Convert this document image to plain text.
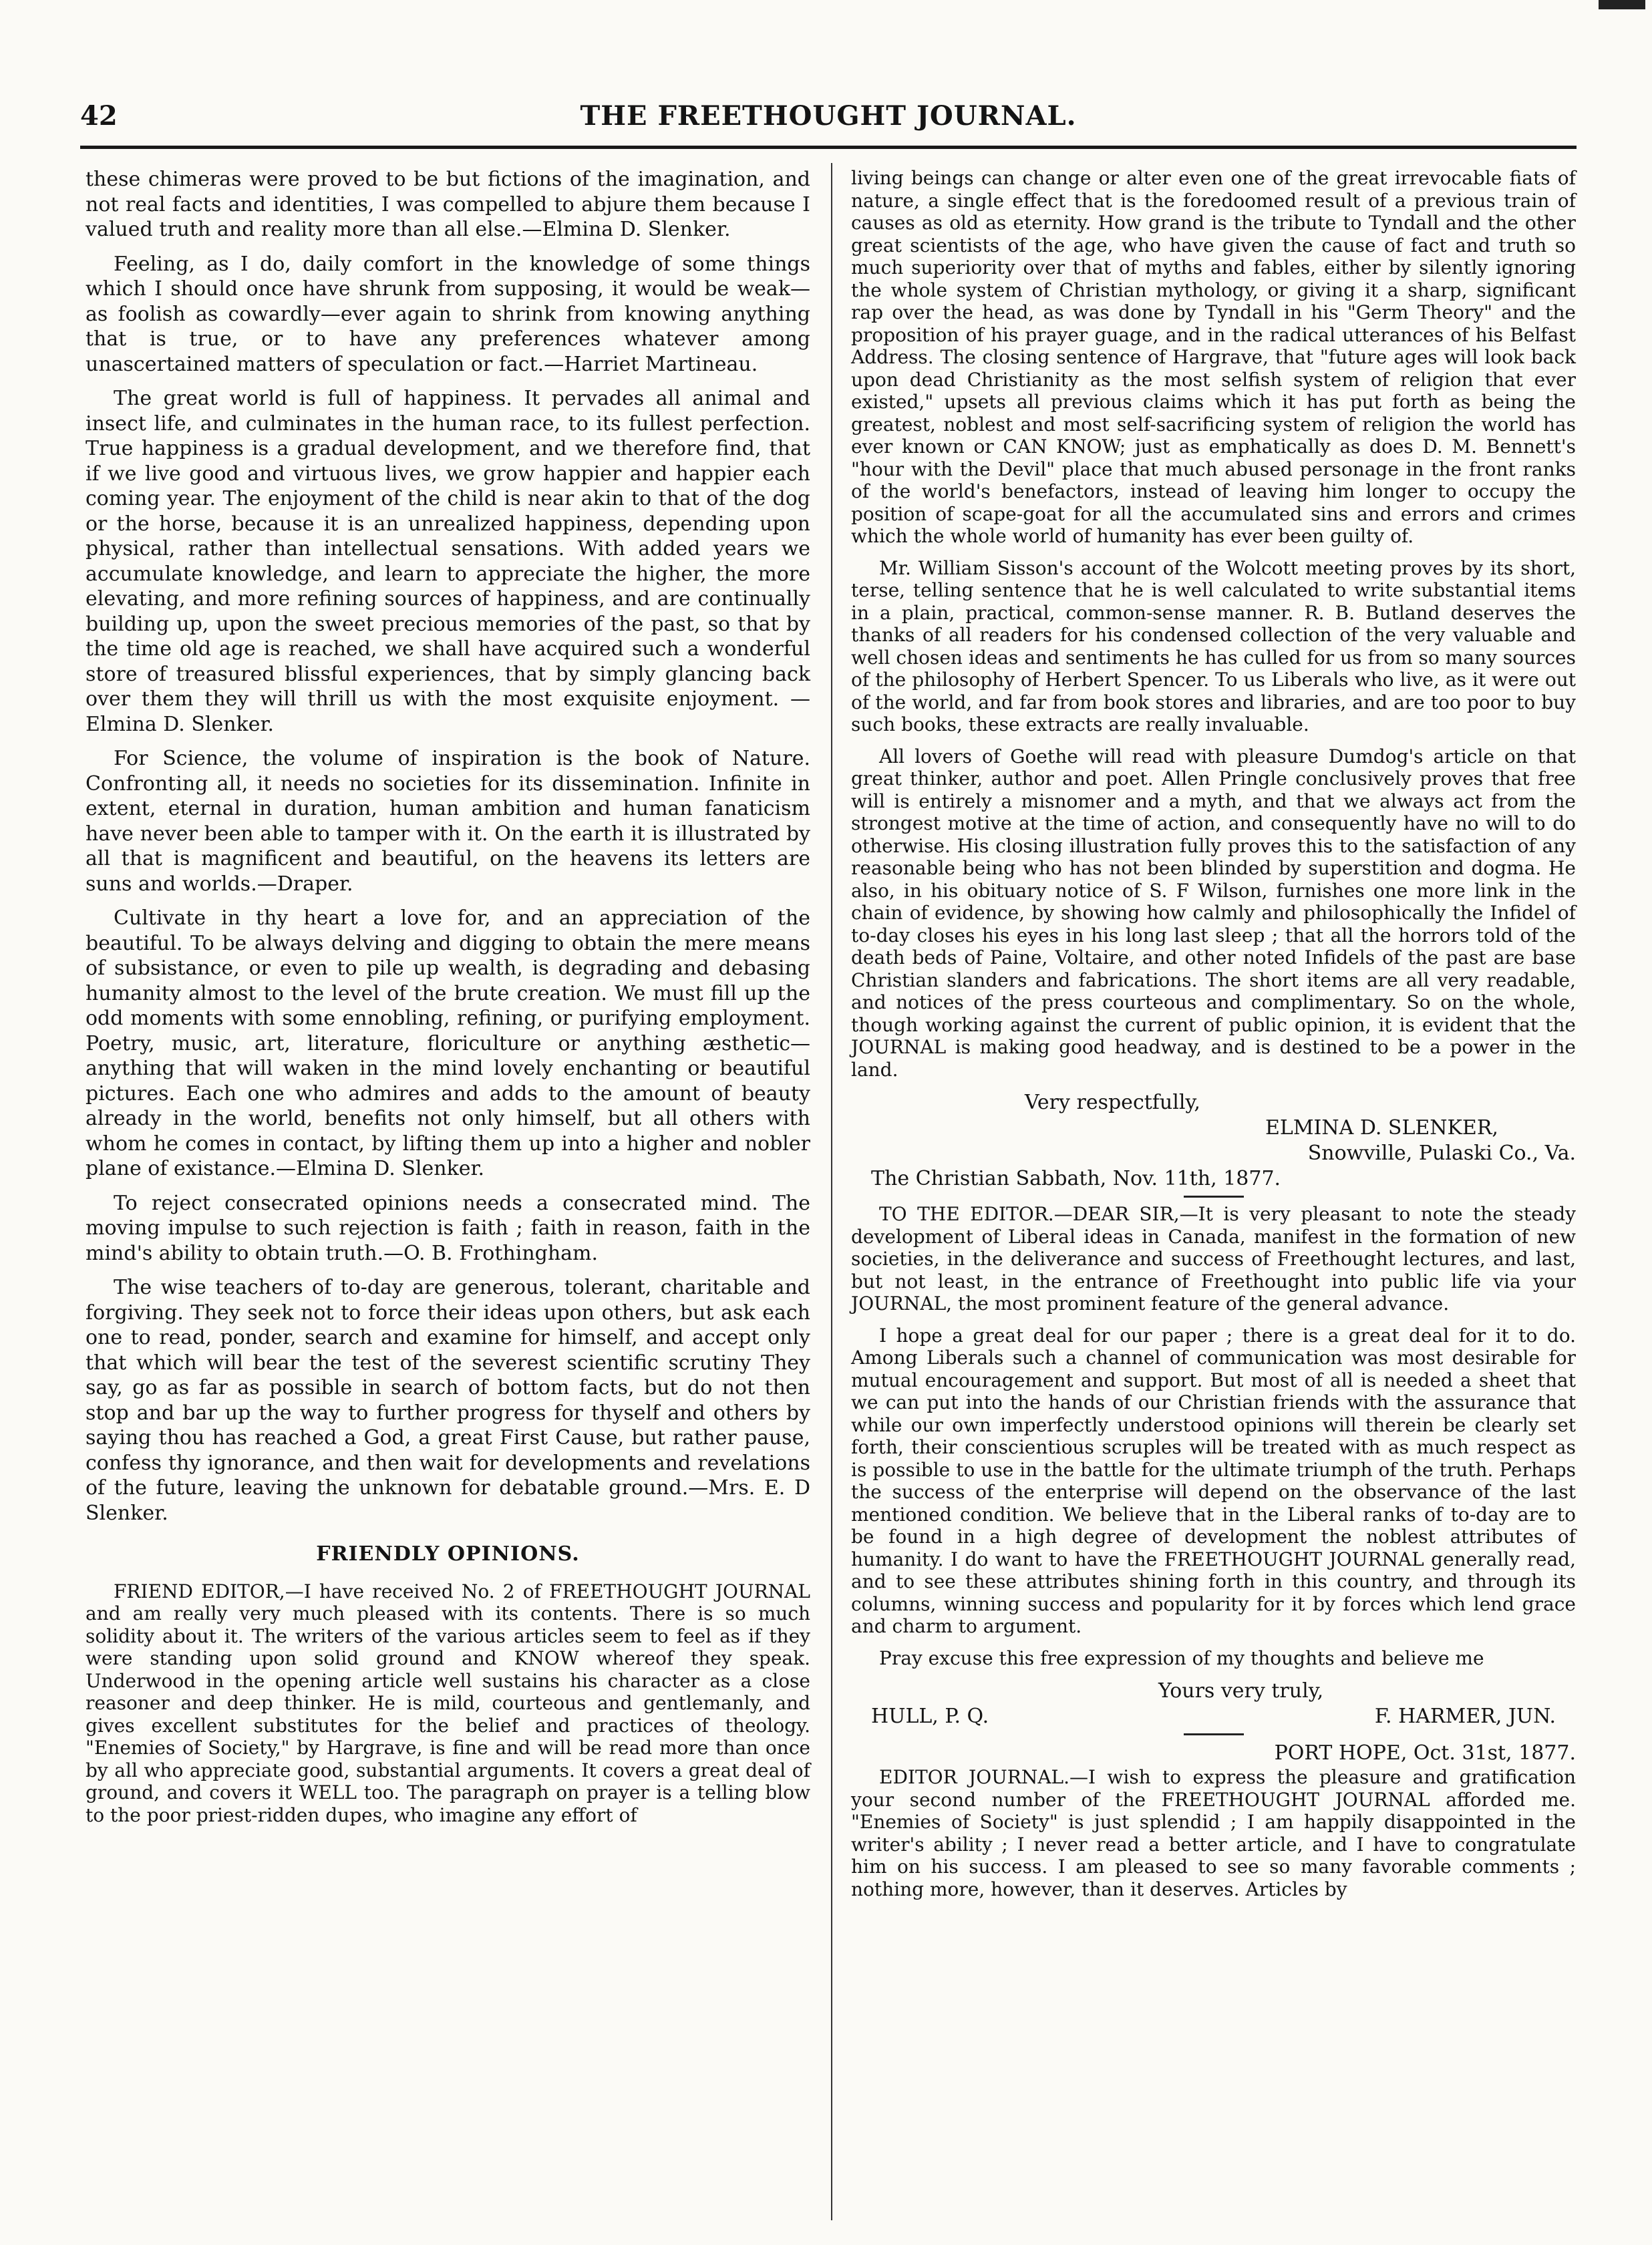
42	THE FREETHOUGHT JOURNAL.

these chimeras were proved to be but fictions of the imagination, and not real facts and identities, I was compelled to abjure them because I valued truth and reality more than all else.—Elmina D. Slenker.

Feeling, as I do, daily comfort in the knowledge of some things which I should once have shrunk from supposing, it would be weak—as foolish as cowardly—ever again to shrink from knowing anything that is true, or to have any preferences whatever among unascertained matters of speculation or fact.—Harriet Martineau.

The great world is full of happiness. It pervades all animal and insect life, and culminates in the human race, to its fullest perfection. True happiness is a gradual development, and we therefore find, that if we live good and virtuous lives, we grow happier and happier each coming year. The enjoyment of the child is near akin to that of the dog or the horse, because it is an unrealized happiness, depending upon physical, rather than intellectual sensations. With added years we accumulate knowledge, and learn to appreciate the higher, the more elevating, and more refining sources of happiness, and are continually building up, upon the sweet precious memories of the past, so that by the time old age is reached, we shall have acquired such a wonderful store of treasured blissful experiences, that by simply glancing back over them they will thrill us with the most exquisite enjoyment. —Elmina D. Slenker.

For Science, the volume of inspiration is the book of Nature. Confronting all, it needs no societies for its dissemination. Infinite in extent, eternal in duration, human ambition and human fanaticism have never been able to tamper with it. On the earth it is illustrated by all that is magnificent and beautiful, on the heavens its letters are suns and worlds.—Draper.

Cultivate in thy heart a love for, and an appreciation of the beautiful. To be always delving and digging to obtain the mere means of subsistance, or even to pile up wealth, is degrading and debasing humanity almost to the level of the brute creation. We must fill up the odd moments with some ennobling, refining, or purifying employment. Poetry, music, art, literature, floriculture or anything æsthetic—anything that will waken in the mind lovely enchanting or beautiful pictures. Each one who admires and adds to the amount of beauty already in the world, benefits not only himself, but all others with whom he comes in contact, by lifting them up into a higher and nobler plane of existance.—Elmina D. Slenker.

To reject consecrated opinions needs a consecrated mind. The moving impulse to such rejection is faith ; faith in reason, faith in the mind's ability to obtain truth.—O. B. Frothingham.

The wise teachers of to-day are generous, tolerant, charitable and forgiving. They seek not to force their ideas upon others, but ask each one to read, ponder, search and examine for himself, and accept only that which will bear the test of the severest scientific scrutiny They say, go as far as possible in search of bottom facts, but do not then stop and bar up the way to further progress for thyself and others by saying thou has reached a God, a great First Cause, but rather pause, confess thy ignorance, and then wait for developments and revelations of the future, leaving the unknown for debatable ground.—Mrs. E. D Slenker.

FRIENDLY OPINIONS.

FRIEND EDITOR,—I have received No. 2 of FREETHOUGHT JOURNAL and am really very much pleased with its contents. There is so much solidity about it. The writers of the various articles seem to feel as if they were standing upon solid ground and KNOW whereof they speak. Underwood in the opening article well sustains his character as a close reasoner and deep thinker. He is mild, courteous and gentlemanly, and gives excellent substitutes for the belief and practices of theology. "Enemies of Society," by Hargrave, is fine and will be read more than once by all who appreciate good, substantial arguments. It covers a great deal of ground, and covers it WELL too. The paragraph on prayer is a telling blow to the poor priest-ridden dupes, who imagine any effort of

living beings can change or alter even one of the great irrevocable fiats of nature, a single effect that is the foredoomed result of a previous train of causes as old as eternity. How grand is the tribute to Tyndall and the other great scientists of the age, who have given the cause of fact and truth so much superiority over that of myths and fables, either by silently ignoring the whole system of Christian mythology, or giving it a sharp, significant rap over the head, as was done by Tyndall in his "Germ Theory" and the proposition of his prayer guage, and in the radical utterances of his Belfast Address. The closing sentence of Hargrave, that "future ages will look back upon dead Christianity as the most selfish system of religion that ever existed," upsets all previous claims which it has put forth as being the greatest, noblest and most self-sacrificing system of religion the world has ever known or CAN KNOW; just as emphatically as does D. M. Bennett's "hour with the Devil" place that much abused personage in the front ranks of the world's benefactors, instead of leaving him longer to occupy the position of scape-goat for all the accumulated sins and errors and crimes which the whole world of humanity has ever been guilty of.

Mr. William Sisson's account of the Wolcott meeting proves by its short, terse, telling sentence that he is well calculated to write substantial items in a plain, practical, common-sense manner. R. B. Butland deserves the thanks of all readers for his condensed collection of the very valuable and well chosen ideas and sentiments he has culled for us from so many sources of the philosophy of Herbert Spencer. To us Liberals who live, as it were out of the world, and far from book stores and libraries, and are too poor to buy such books, these extracts are really invaluable.

All lovers of Goethe will read with pleasure Dumdog's article on that great thinker, author and poet. Allen Pringle conclusively proves that free will is entirely a misnomer and a myth, and that we always act from the strongest motive at the time of action, and consequently have no will to do otherwise. His closing illustration fully proves this to the satisfaction of any reasonable being who has not been blinded by superstition and dogma. He also, in his obituary notice of S. F Wilson, furnishes one more link in the chain of evidence, by showing how calmly and philosophically the Infidel of to-day closes his eyes in his long last sleep ; that all the horrors told of the death beds of Paine, Voltaire, and other noted Infidels of the past are base Christian slanders and fabrications. The short items are all very readable, and notices of the press courteous and complimentary. So on the whole, though working against the current of public opinion, it is evident that the JOURNAL is making good headway, and is destined to be a power in the land.

Very respectfully,
ELMINA D. SLENKER,
Snowville, Pulaski Co., Va.
The Christian Sabbath, Nov. 11th, 1877.

TO THE EDITOR.—DEAR SIR,—It is very pleasant to note the steady development of Liberal ideas in Canada, manifest in the formation of new societies, in the deliverance and success of Freethought lectures, and last, but not least, in the entrance of Freethought into public life via your JOURNAL, the most prominent feature of the general advance.

I hope a great deal for our paper ; there is a great deal for it to do. Among Liberals such a channel of communication was most desirable for mutual encouragement and support. But most of all is needed a sheet that we can put into the hands of our Christian friends with the assurance that while our own imperfectly understood opinions will therein be clearly set forth, their conscientious scruples will be treated with as much respect as is possible to use in the battle for the ultimate triumph of the truth. Perhaps the success of the enterprise will depend on the observance of the last mentioned condition. We believe that in the Liberal ranks of to-day are to be found in a high degree of development the noblest attributes of humanity. I do want to have the FREETHOUGHT JOURNAL generally read, and to see these attributes shining forth in this country, and through its columns, winning success and popularity for it by forces which lend grace and charm to argument.

Pray excuse this free expression of my thoughts and believe me

Yours very truly,
HULL, P. Q.	F. HARMER, JUN.
PORT HOPE, Oct. 31st, 1877.

EDITOR JOURNAL.—I wish to express the pleasure and gratification your second number of the FREETHOUGHT JOURNAL afforded me. "Enemies of Society" is just splendid ; I am happily disappointed in the writer's ability ; I never read a better article, and I have to congratulate him on his success. I am pleased to see so many favorable comments ; nothing more, however, than it deserves. Articles by
